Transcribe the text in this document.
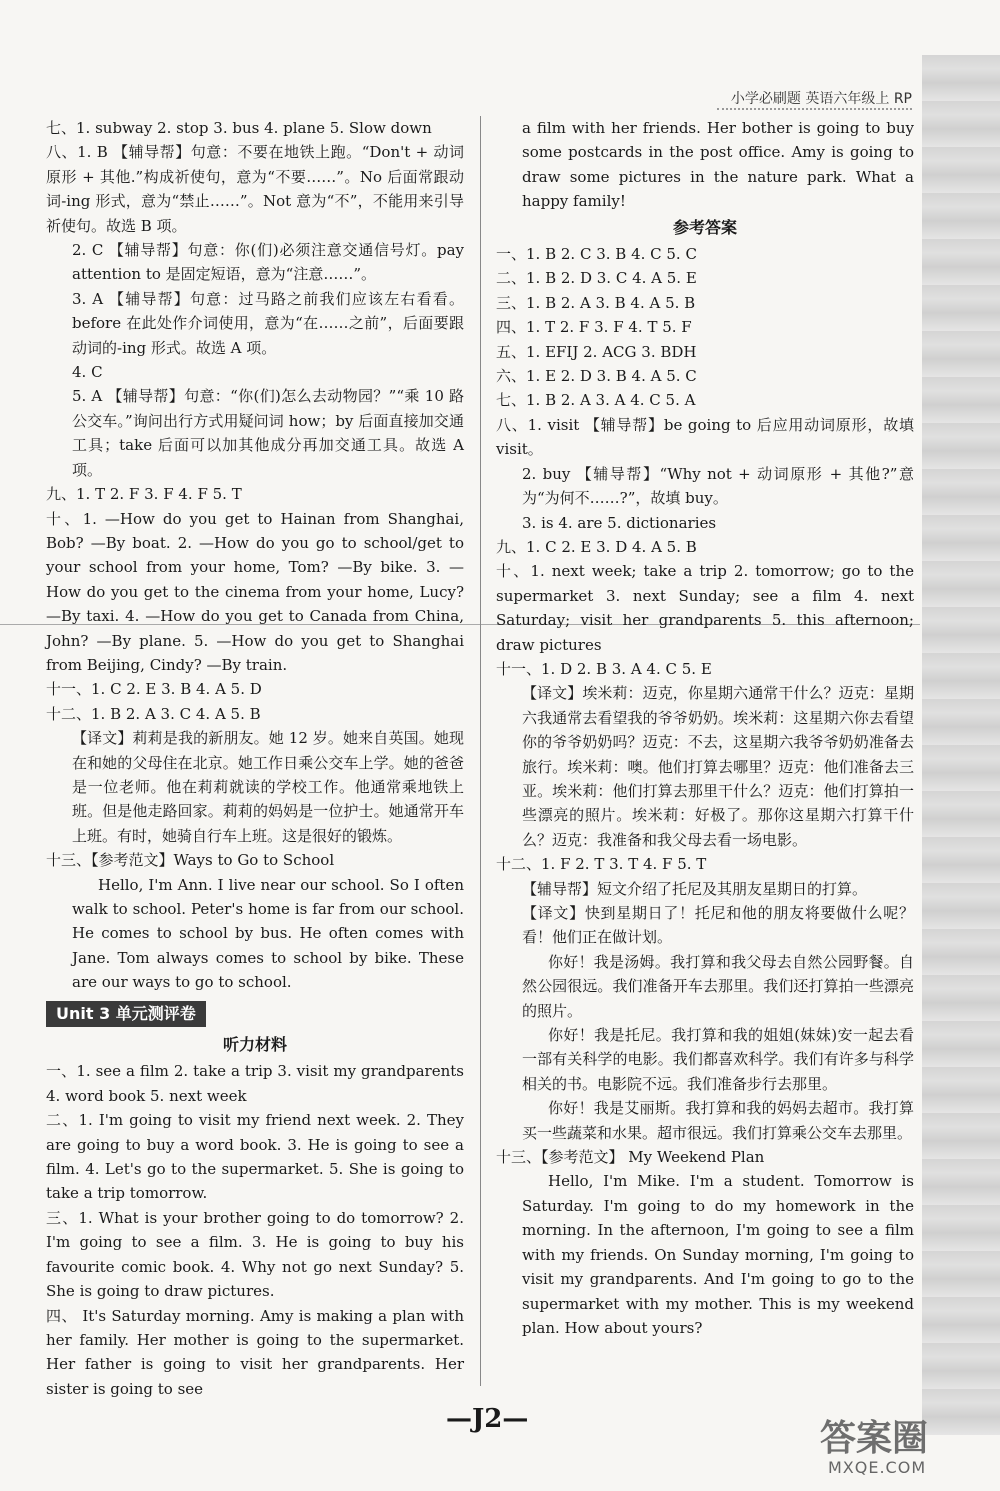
小学必刷题 英语六年级上 RP

七、1. subway 2. stop 3. bus 4. plane 5. Slow down

八、1. B 【辅导帮】句意：不要在地铁上跑。“Don't + 动词原形 + 其他.”构成祈使句，意为“不要……”。No 后面常跟动词-ing 形式，意为“禁止……”。Not 意为“不”，不能用来引导祈使句。故选 B 项。

2. C 【辅导帮】句意：你(们)必须注意交通信号灯。pay attention to 是固定短语，意为“注意……”。

3. A 【辅导帮】句意：过马路之前我们应该左右看看。before 在此处作介词使用，意为“在……之前”，后面要跟动词的-ing 形式。故选 A 项。

4. C

5. A 【辅导帮】句意：“你(们)怎么去动物园？”“乘 10 路公交车。”询问出行方式用疑问词 how；by 后面直接加交通工具；take 后面可以加其他成分再加交通工具。故选 A 项。

九、1. T 2. F 3. F 4. F 5. T

十、1. —How do you get to Hainan from Shanghai, Bob? —By boat. 2. —How do you go to school/get to your school from your home, Tom? —By bike. 3. —How do you get to the cinema from your home, Lucy? —By taxi. 4. —How do you get to Canada from China, John? —By plane. 5. —How do you get to Shanghai from Beijing, Cindy? —By train.

十一、1. C 2. E 3. B 4. A 5. D

十二、1. B 2. A 3. C 4. A 5. B

【译文】莉莉是我的新朋友。她 12 岁。她来自英国。她现在和她的父母住在北京。她工作日乘公交车上学。她的爸爸是一位老师。他在莉莉就读的学校工作。他通常乘地铁上班。但是他走路回家。莉莉的妈妈是一位护士。她通常开车上班。有时，她骑自行车上班。这是很好的锻炼。

十三、【参考范文】Ways to Go to School

Hello, I'm Ann. I live near our school. So I often walk to school. Peter's home is far from our school. He comes to school by bus. He often comes with Jane. Tom always comes to school by bike. These are our ways to go to school.

Unit 3 单元测评卷
听力材料

一、1. see a film 2. take a trip 3. visit my grandparents 4. word book 5. next week

二、1. I'm going to visit my friend next week. 2. They are going to buy a word book. 3. He is going to see a film. 4. Let's go to the supermarket. 5. She is going to take a trip tomorrow.

三、1. What is your brother going to do tomorrow? 2. I'm going to see a film. 3. He is going to buy his favourite comic book. 4. Why not go next Sunday? 5. She is going to draw pictures.

四、 It's Saturday morning. Amy is making a plan with her family. Her mother is going to the supermarket. Her father is going to visit her grandparents. Her sister is going to see

a film with her friends. Her bother is going to buy some postcards in the post office. Amy is going to draw some pictures in the nature park. What a happy family!

参考答案

一、1. B 2. C 3. B 4. C 5. C

二、1. B 2. D 3. C 4. A 5. E

三、1. B 2. A 3. B 4. A 5. B

四、1. T 2. F 3. F 4. T 5. F

五、1. EFIJ 2. ACG 3. BDH

六、1. E 2. D 3. B 4. A 5. C

七、1. B 2. A 3. A 4. C 5. A

八、1. visit 【辅导帮】be going to 后应用动词原形，故填 visit。

2. buy 【辅导帮】“Why not + 动词原形 + 其他?”意为“为何不……?”，故填 buy。

3. is 4. are 5. dictionaries

九、1. C 2. E 3. D 4. A 5. B

十、1. next week; take a trip 2. tomorrow; go to the supermarket 3. next Sunday; see a film 4. next Saturday; visit her grandparents 5. this afternoon; draw pictures

十一、1. D 2. B 3. A 4. C 5. E

【译文】埃米莉：迈克，你星期六通常干什么？迈克：星期六我通常去看望我的爷爷奶奶。埃米莉：这星期六你去看望你的爷爷奶奶吗？迈克：不去，这星期六我爷爷奶奶准备去旅行。埃米莉：噢。他们打算去哪里？迈克：他们准备去三亚。埃米莉：他们打算去那里干什么？迈克：他们打算拍一些漂亮的照片。埃米莉：好极了。那你这星期六打算干什么？迈克：我准备和我父母去看一场电影。

十二、1. F 2. T 3. T 4. F 5. T

【辅导帮】短文介绍了托尼及其朋友星期日的打算。

【译文】快到星期日了！托尼和他的朋友将要做什么呢？看！他们正在做计划。

你好！我是汤姆。我打算和我父母去自然公园野餐。自然公园很远。我们准备开车去那里。我们还打算拍一些漂亮的照片。

你好！我是托尼。我打算和我的姐姐(妹妹)安一起去看一部有关科学的电影。我们都喜欢科学。我们有许多与科学相关的书。电影院不远。我们准备步行去那里。

你好！我是艾丽斯。我打算和我的妈妈去超市。我打算买一些蔬菜和水果。超市很远。我们打算乘公交车去那里。

十三、【参考范文】 My Weekend Plan

Hello, I'm Mike. I'm a student. Tomorrow is Saturday. I'm going to do my homework in the morning. In the afternoon, I'm going to see a film with my friends. On Sunday morning, I'm going to visit my grandparents. And I'm going to go to the supermarket with my mother. This is my weekend plan. How about yours?

—J2—	答案圈
MXQE.COM
